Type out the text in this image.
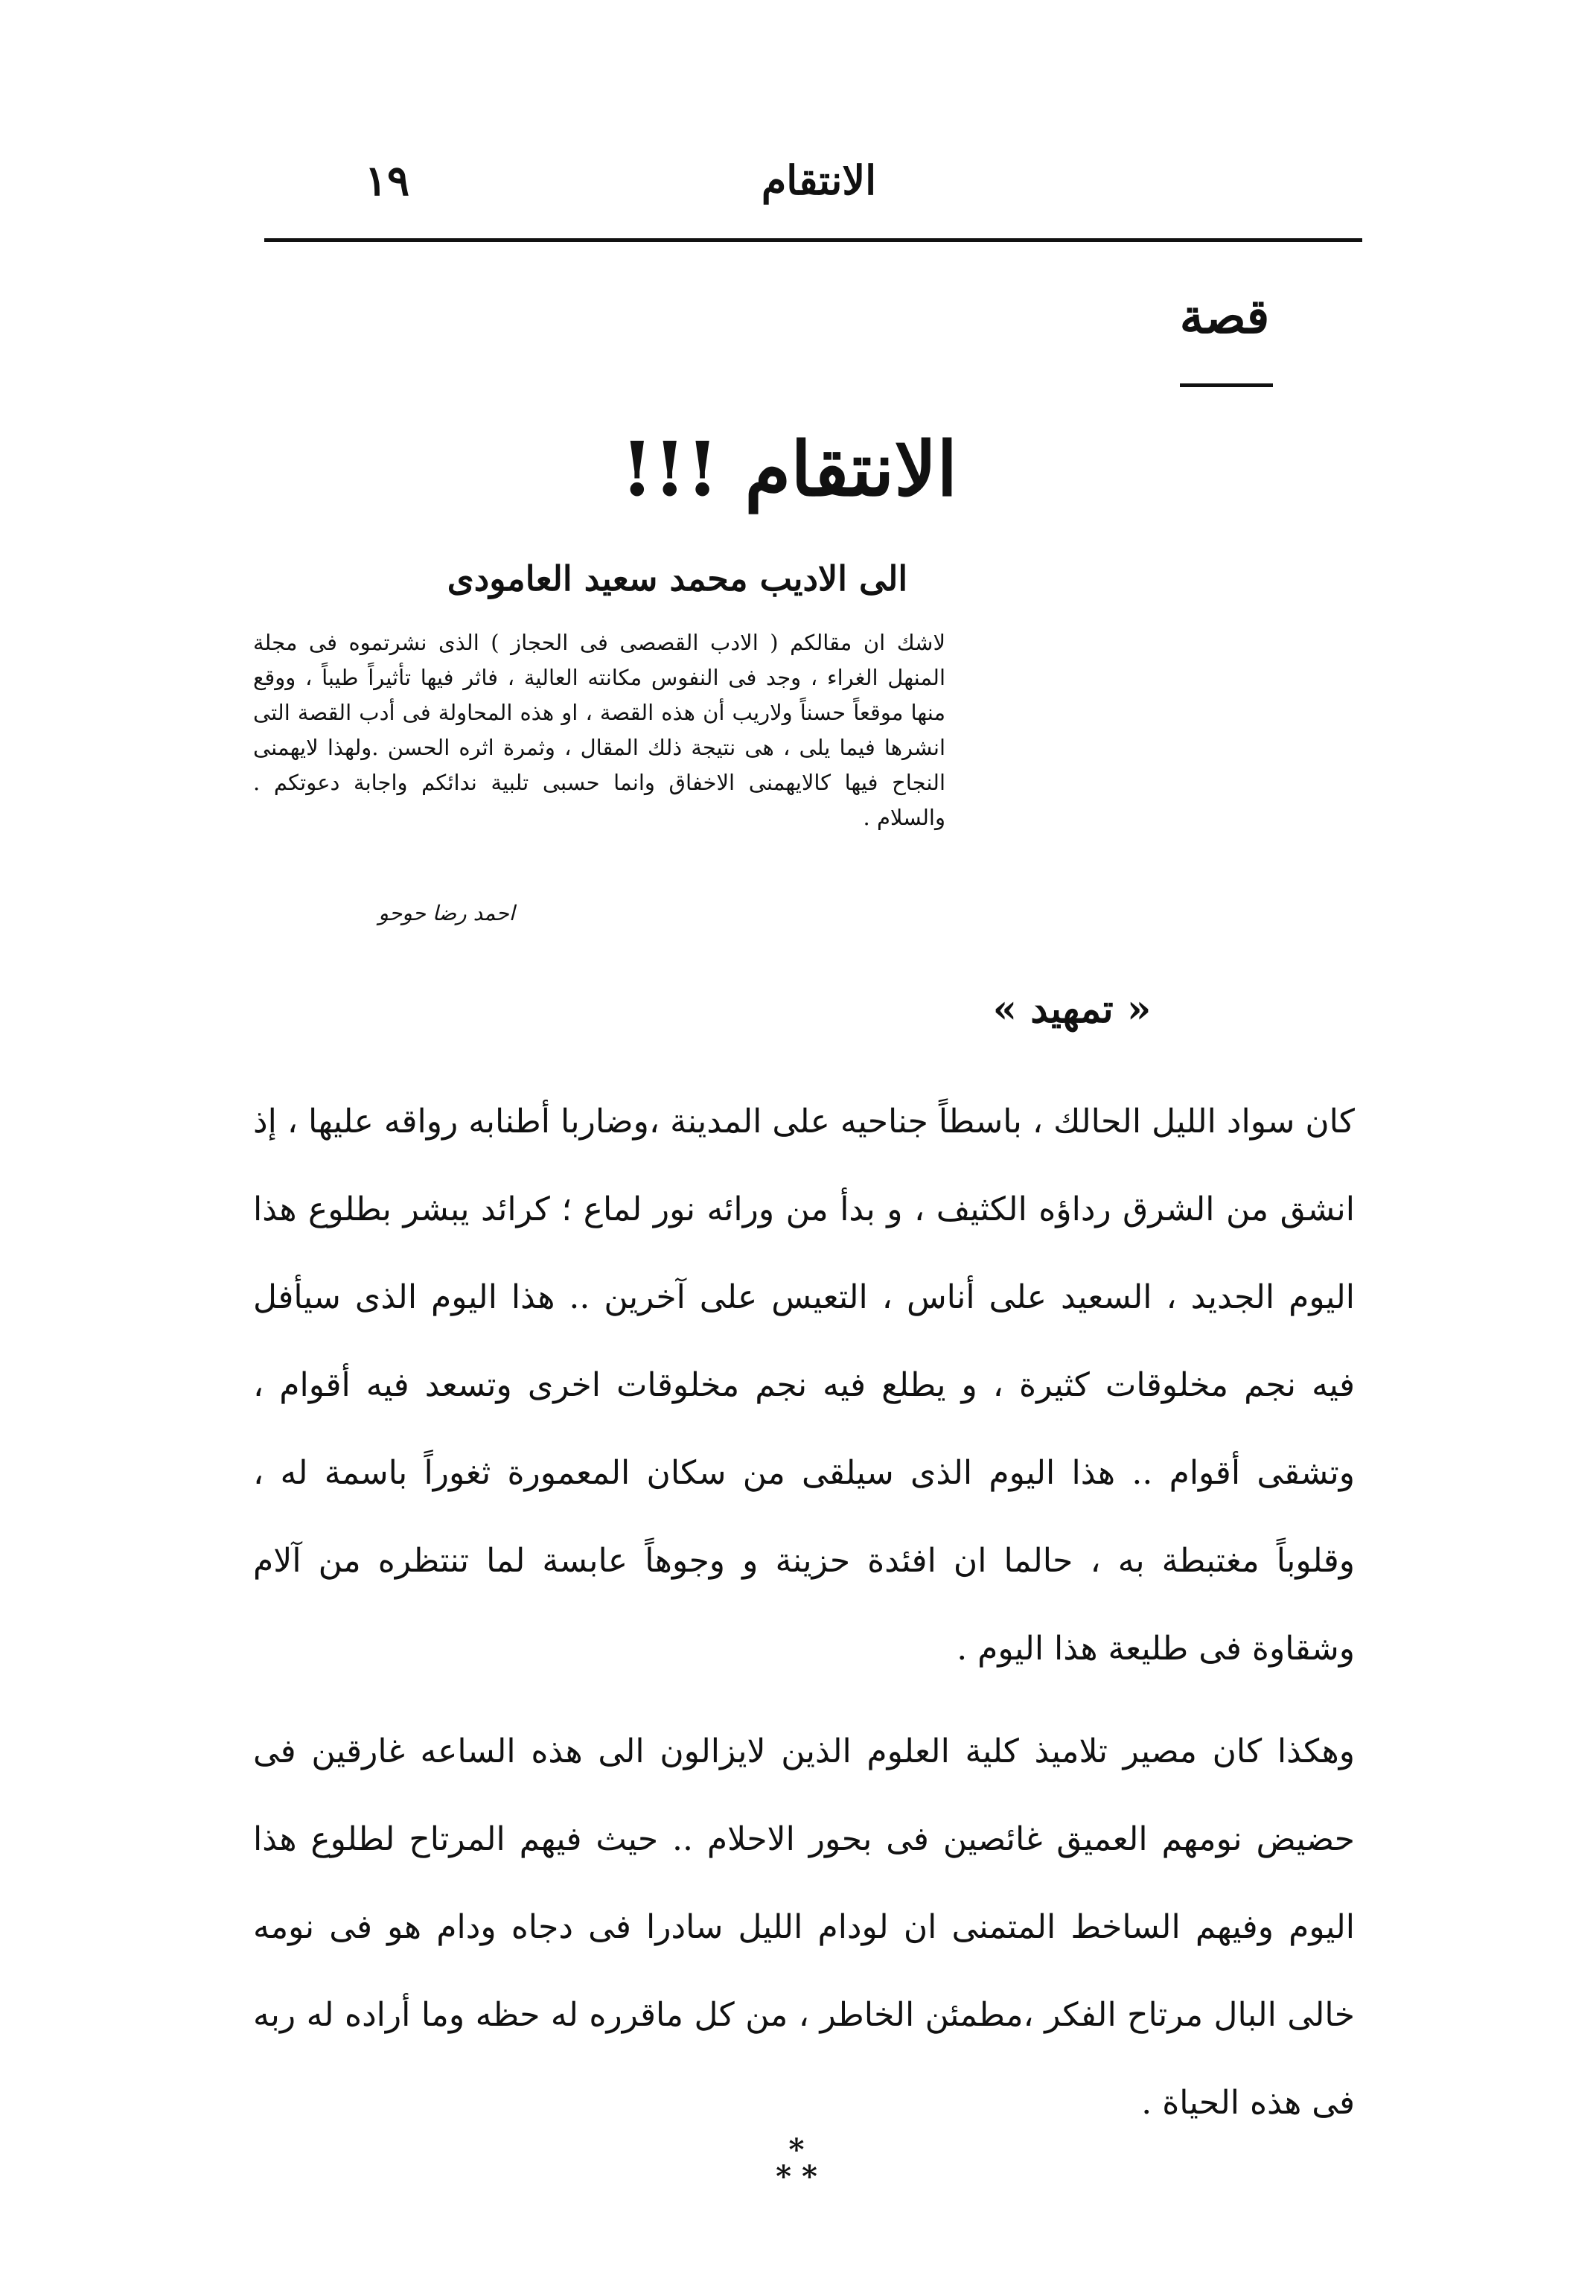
الانتقام
١٩
قصة
الانتقام !!!
الى الاديب محمد سعيد العامودى
لاشك ان مقالكم ( الادب القصصى فى الحجاز ) الذى نشرتموه فى مجلة المنهل الغراء ، وجد فى النفوس مكانته العالية ، فاثر فيها تأثيراً طيباً ، ووقع منها موقعاً حسناً ولاريب أن هذه القصة ، او هذه المحاولة فى أدب القصة التى انشرها فيما يلى ، هى نتيجة ذلك المقال ، وثمرة اثره الحسن .ولهذا لايهمنى النجاح فيها كالايهمنى الاخفاق وانما حسبى تلبية ندائكم واجابة دعوتكم . والسلام .
احمد رضا حوحو
« تمهيد »

كان سواد الليل الحالك ، باسطاً جناحيه على المدينة ،وضاربا أطنابه رواقه عليها ، إذ انشق من الشرق رداؤه الكثيف ، و بدأ من ورائه نور لماع ؛ كرائد يبشر بطلوع هذا اليوم الجديد ، السعيد على أناس ، التعيس على آخرين .. هذا اليوم الذى سيأفل فيه نجم مخلوقات كثيرة ، و يطلع فيه نجم مخلوقات اخرى وتسعد فيه أقوام ، وتشقى أقوام .. هذا اليوم الذى سيلقى من سكان المعمورة ثغوراً باسمة له ، وقلوباً مغتبطة به ، حالما ان افئدة حزينة و وجوهاً عابسة لما تنتظره من آلام وشقاوة فى طليعة هذا اليوم .

وهكذا كان مصير تلاميذ كلية العلوم الذين لايزالون الى هذه الساعه غارقين فى حضيض نومهم العميق غائصين فى بحور الاحلام .. حيث فيهم المرتاح لطلوع هذا اليوم وفيهم الساخط المتمنى ان لودام الليل سادرا فى دجاه ودام هو فى نومه خالى البال مرتاح الفكر ،مطمئن الخاطر ، من كل ماقرره له حظه وما أراده له ربه فى هذه الحياة .

*
* *
